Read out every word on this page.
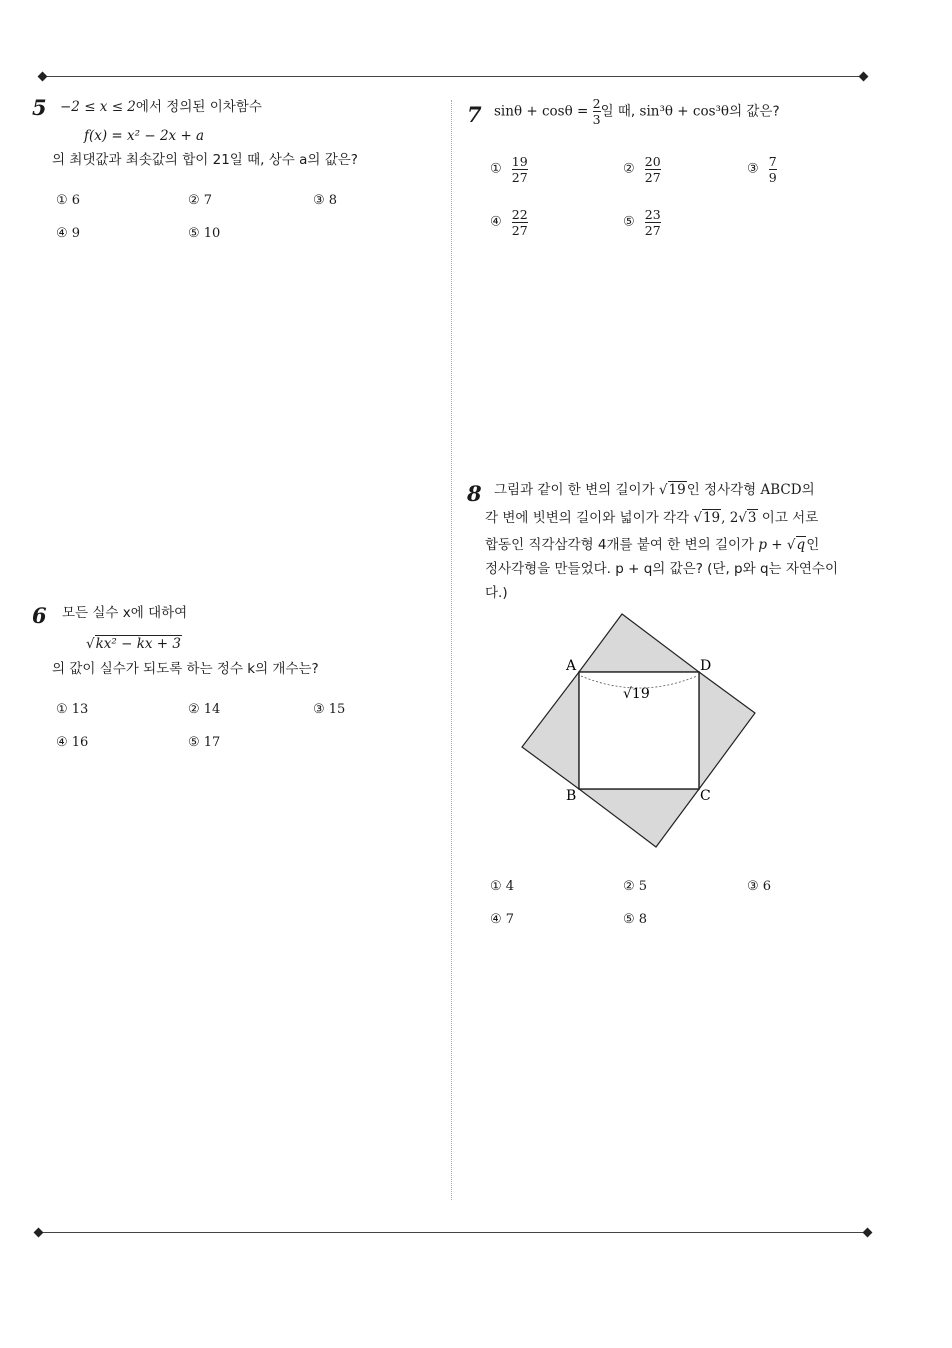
5 −2 ≤ x ≤ 2에서 정의된 이차함수
f(x) = x² − 2x + a
의 최댓값과 최솟값의 합이 21일 때, 상수 a의 값은?
① 6	② 7	③ 8
④ 9	⑤ 10
6 모든 실수 x에 대하여
√kx² − kx + 3
의 값이 실수가 되도록 하는 정수 k의 개수는?
① 13	② 14	③ 15
④ 16	⑤ 17
7 $\sin\theta + \cos\theta = \frac{2}{3}$ 일 때, sin³θ + cos³θ의 값은?
① $\frac{19}{27}$	② $\frac{20}{27}$	③ $\frac{7}{9}$
④ $\frac{22}{27}$	⑤ $\frac{23}{27}$
8 그림과 같이 한 변의 길이가 √19인 정사각형 ABCD의
각 변에 빗변의 길이와 넓이가 각각 √19, 2√3 이고 서로
합동인 직각삼각형 4개를 붙여 한 변의 길이가 p + √q인
정사각형을 만들었다. p + q의 값은? (단, p와 q는 자연수이
다.)
A	D
B	C
√19
① 4	② 5	③ 6
④ 7	⑤ 8
